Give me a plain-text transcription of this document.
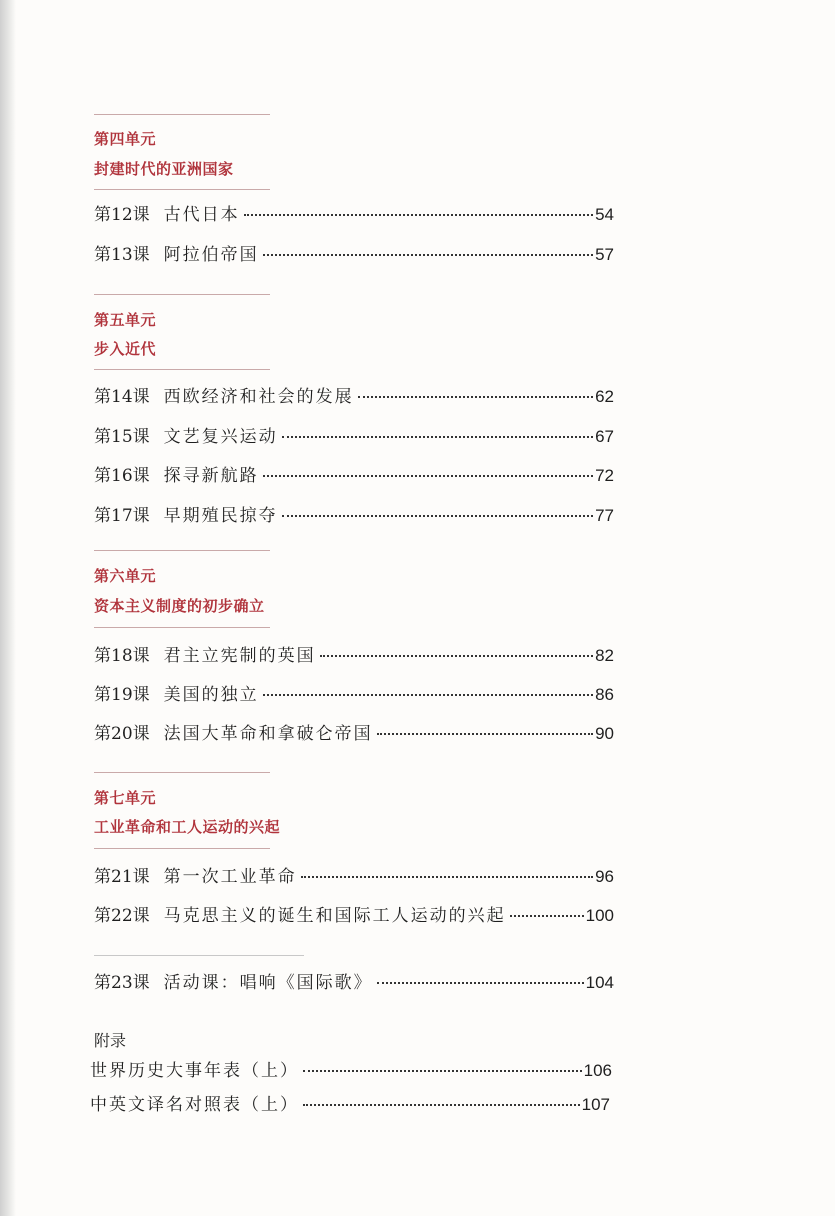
第四单元
封建时代的亚洲国家
第12课 古代日本	54
第13课 阿拉伯帝国	57
第五单元
步入近代
第14课 西欧经济和社会的发展	62
第15课 文艺复兴运动	67
第16课 探寻新航路	72
第17课 早期殖民掠夺	77
第六单元
资本主义制度的初步确立
第18课 君主立宪制的英国	82
第19课 美国的独立	86
第20课 法国大革命和拿破仑帝国	90
第七单元
工业革命和工人运动的兴起
第21课 第一次工业革命	96
第22课 马克思主义的诞生和国际工人运动的兴起	100
第23课 活动课：唱响《国际歌》	104
附录
世界历史大事年表（上）	106
中英文译名对照表（上）	107
